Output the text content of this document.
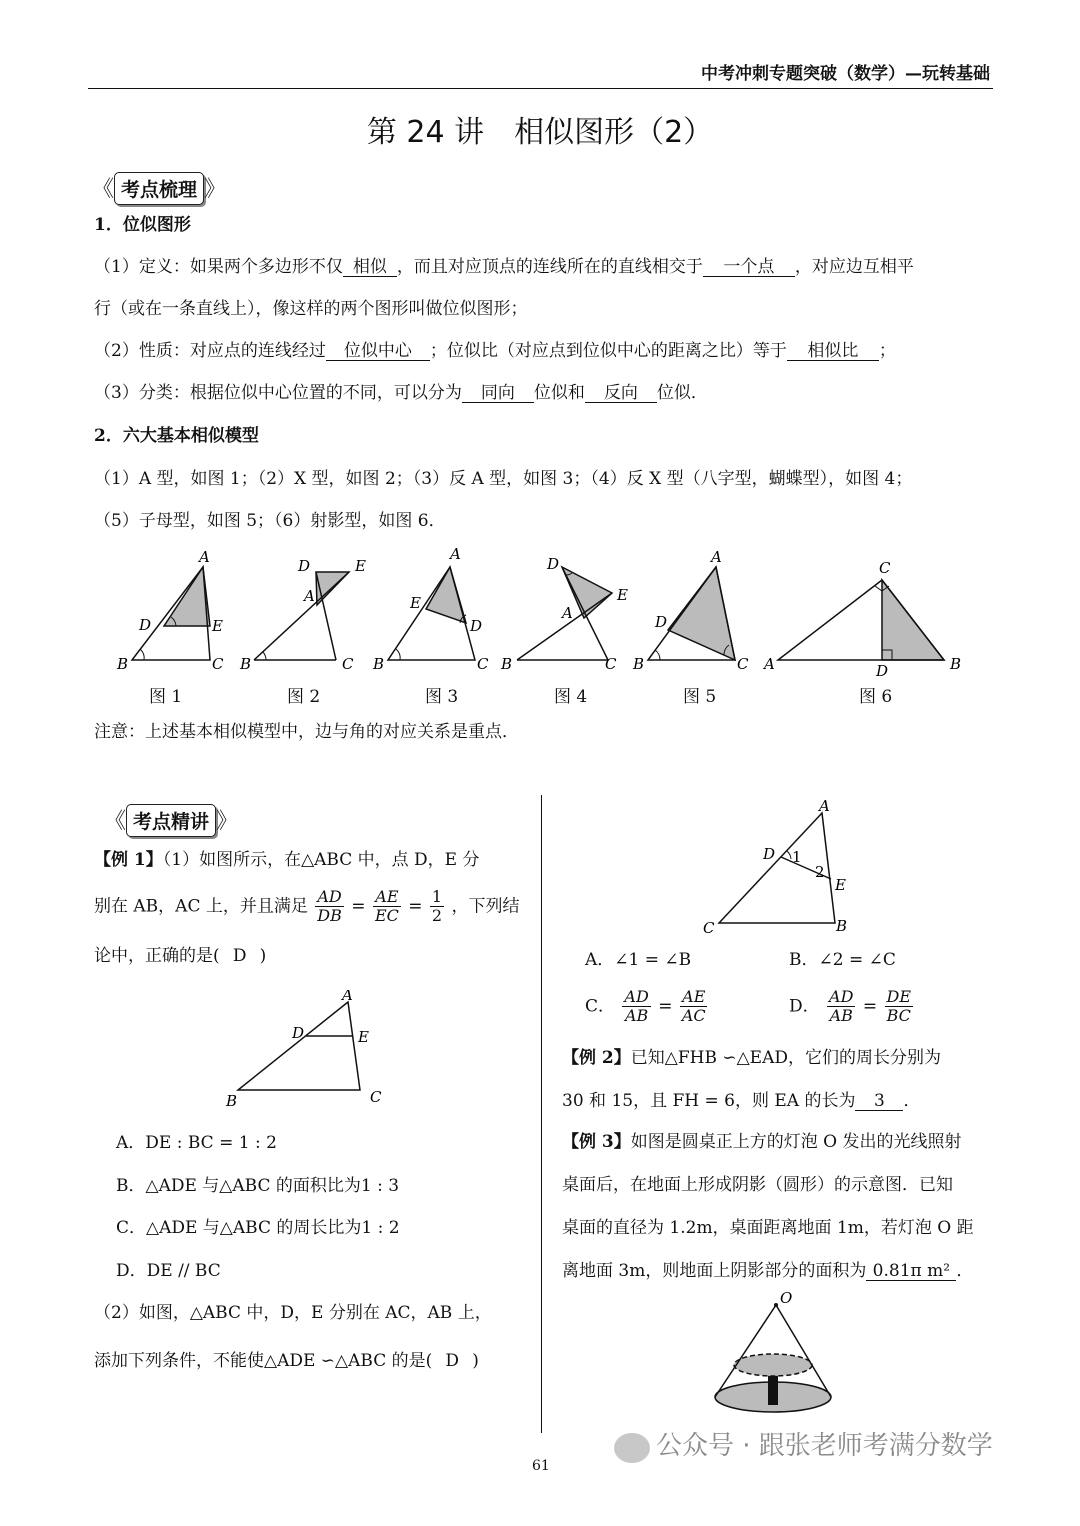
中考冲刺专题突破（数学）—玩转基础
第 24 讲　相似图形（2）
《 考点梳理 》
1．位似图形
（1）定义：如果两个多边形不仅 相似 ，而且对应顶点的连线所在的直线相交于 一个点 ，对应边互相平
行（或在一条直线上），像这样的两个图形叫做位似图形；
（2）性质：对应点的连线经过 位似中心 ；位似比（对应点到位似中心的距离之比）等于 相似比 ；
（3）分类：根据位似中心位置的不同，可以分为 同向 位似和 反向 位似．
2．六大基本相似模型
（1）A 型，如图 1；（2）X 型，如图 2；（3）反 A 型，如图 3；（4）反 X 型（八字型，蝴蝶型），如图 4；
（5）子母型，如图 5；（6）射影型，如图 6．
A
D	E
B	C
D	E
A
B	C
A
E
D
B	C
D
E
A
B	C
A
D
B	C
C
A	D	B
图 1	图 2	图 3	图 4	图 5	图 6
注意：上述基本相似模型中，边与角的对应关系是重点．
《 考点精讲 》
【例 1】（1）如图所示，在△ABC 中，点 D，E 分
别在 AB，AC 上，并且满足 $\frac{AD}{DB} = \frac{AE}{EC} = \frac{1}{2}$ ，下列结
论中，正确的是( D )
A
D	E
B	C
A．DE : BC = 1 : 2
B．△ADE 与△ABC 的面积比为1 : 3
C．△ADE 与△ABC 的周长比为1 : 2
D．DE // BC
（2）如图，△ABC 中，D，E 分别在 AC，AB 上，
添加下列条件，不能使△ADE ∽△ABC 的是( D )
A
D
E
C	B
1
2
A．∠1 = ∠B	B．∠2 = ∠C
C． $\frac{AD}{AB} = \frac{AE}{AC}$	D． $\frac{AD}{AB} = \frac{DE}{BC}$
【例 2】已知△FHB ∽△EAD，它们的周长分别为
30 和 15，且 FH = 6，则 EA 的长为 3 ．
【例 3】如图是圆桌正上方的灯泡 O 发出的光线照射
桌面后，在地面上形成阴影（圆形）的示意图．已知
桌面的直径为 1.2m，桌面距离地面 1m，若灯泡 O 距
离地面 3m，则地面上阴影部分的面积为 0.81π m² ．
O
61
公众号 · 跟张老师考满分数学
